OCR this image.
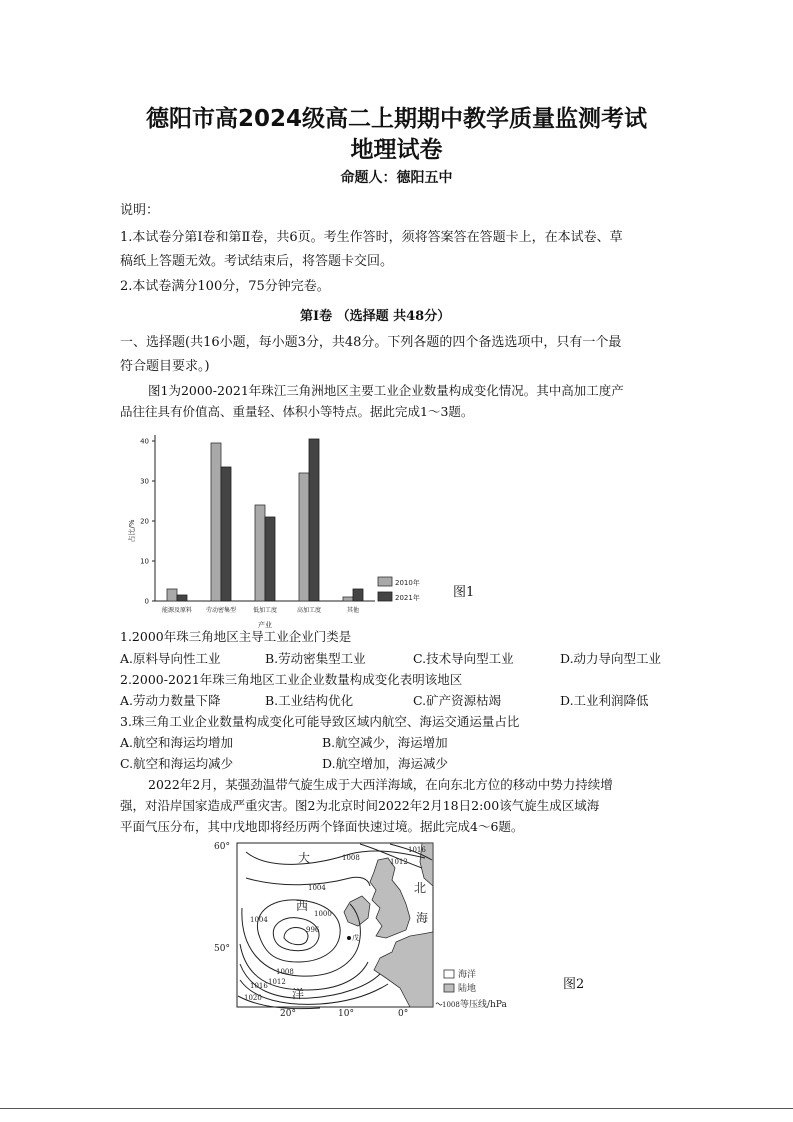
德阳市高2024级高二上期期中教学质量监测考试
地理试卷
命题人：德阳五中
说明：
1.本试卷分第Ⅰ卷和第Ⅱ卷，共6页。考生作答时，须将答案答在答题卡上，在本试卷、草
稿纸上答题无效。考试结束后，将答题卡交回。
2.本试卷满分100分，75分钟完卷。
第Ⅰ卷 （选择题 共48分）
一、选择题(共16小题，每小题3分，共48分。下列各题的四个备选选项中，只有一个最
符合题目要求。)
图1为2000-2021年珠江三角洲地区主要工业企业数量构成变化情况。其中高加工度产
品往往具有价值高、重量轻、体积小等特点。据此完成1～3题。
0
10
20
30
40
占比/%
能源及原料 劳动密集型	低加工度	高加工度	其他
产业
2010年
2021年	图1
1.2000年珠三角地区主导工业企业门类是
A.原料导向性工业	B.劳动密集型工业	C.技术导向型工业	D.动力导向型工业
2.2000-2021年珠三角地区工业企业数量构成变化表明该地区
A.劳动力数量下降	B.工业结构优化	C.矿产资源枯竭	D.工业利润降低
3.珠三角工业企业数量构成变化可能导致区域内航空、海运交通运量占比
A.航空和海运均增加	B.航空减少，海运增加
C.航空和海运均减少	D.航空增加，海运减少
2022年2月，某强劲温带气旋生成于大西洋海域，在向东北方位的移动中势力持续增
强，对沿岸国家造成严重灾害。图2为北京时间2022年2月18日2:00该气旋生成区域海
平面气压分布，其中戊地即将经历两个锋面快速过境。据此完成4～6题。
60°
50°
20°	10°	0°
1008	1012
1016
1004
1000
996
1004
1008
1012
1016
1020
大
西
洋
北
海
戊
海洋
陆地
1008 等压线/hPa
图2
